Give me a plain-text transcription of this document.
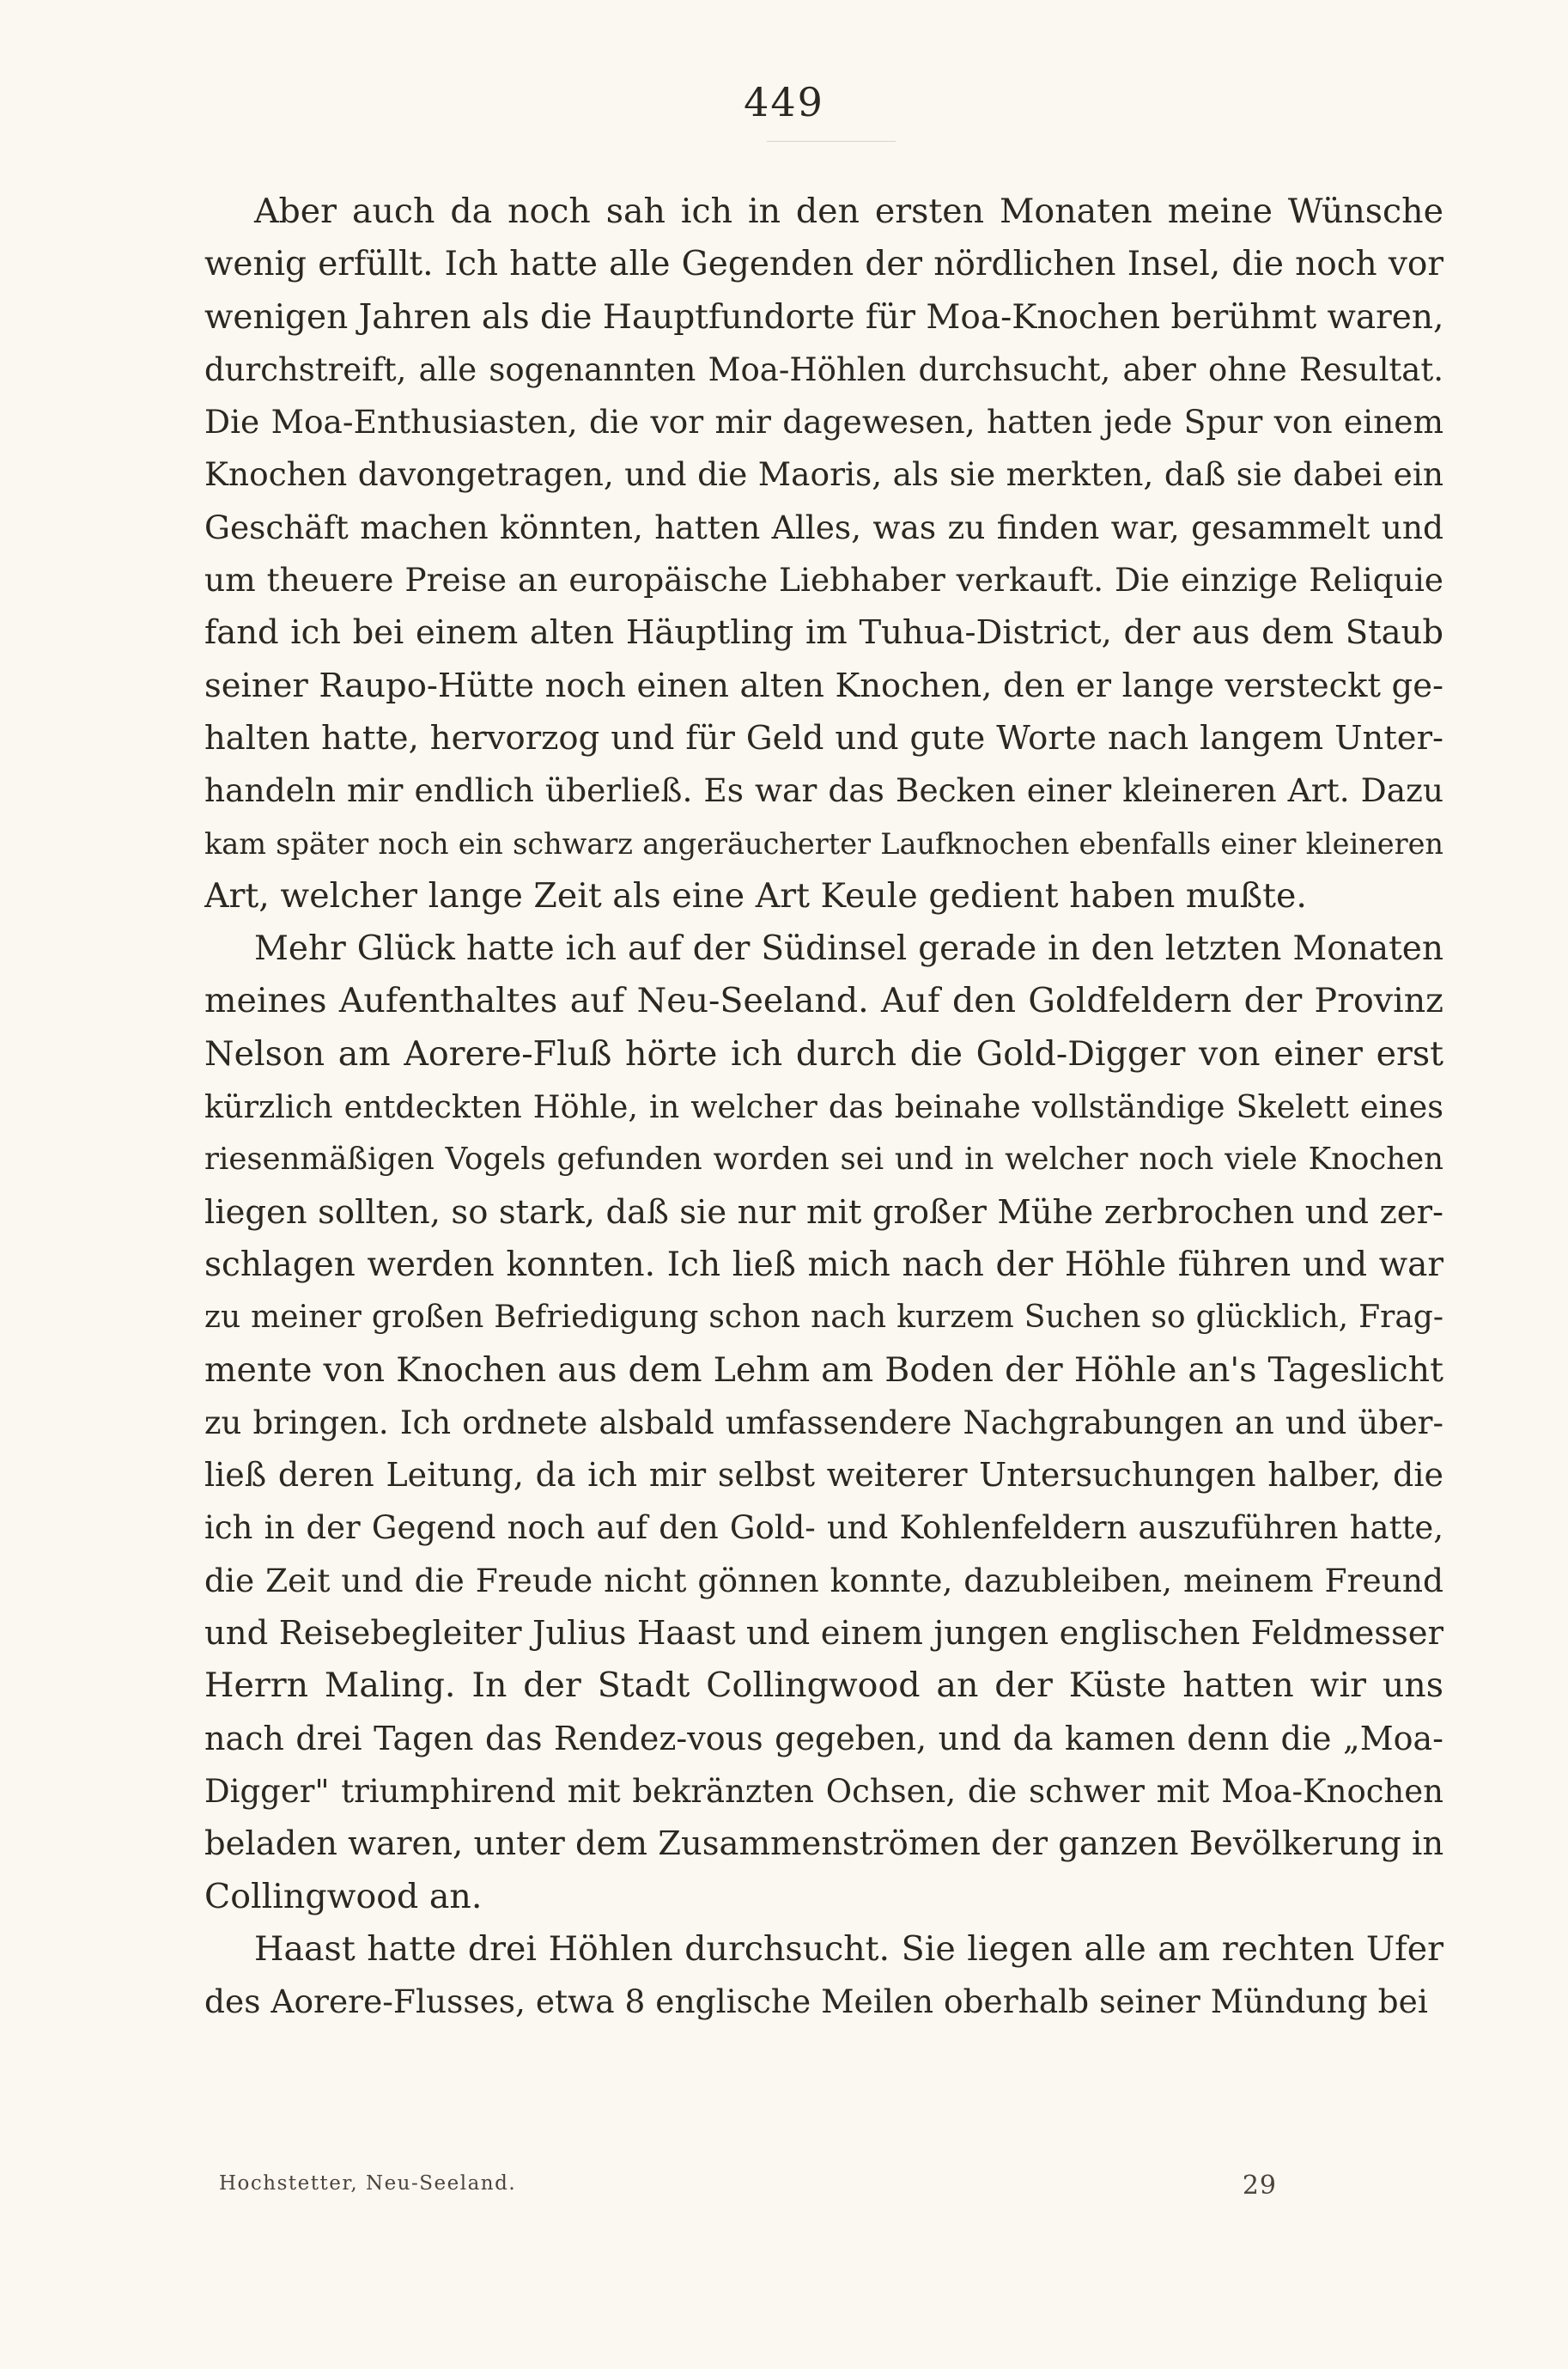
449
Aber auch da noch sah ich in den ersten Monaten meine Wünsche
wenig erfüllt. Ich hatte alle Gegenden der nördlichen Insel, die noch vor
wenigen Jahren als die Hauptfundorte für Moa-Knochen berühmt waren,
durchstreift, alle sogenannten Moa-Höhlen durchsucht, aber ohne Resultat.
Die Moa-Enthusiasten, die vor mir dagewesen, hatten jede Spur von einem
Knochen davongetragen, und die Maoris, als sie merkten, daß sie dabei ein
Geschäft machen könnten, hatten Alles, was zu finden war, gesammelt und
um theuere Preise an europäische Liebhaber verkauft. Die einzige Reliquie
fand ich bei einem alten Häuptling im Tuhua-District, der aus dem Staub
seiner Raupo-Hütte noch einen alten Knochen, den er lange versteckt ge-
halten hatte, hervorzog und für Geld und gute Worte nach langem Unter-
handeln mir endlich überließ. Es war das Becken einer kleineren Art. Dazu
kam später noch ein schwarz angeräucherter Laufknochen ebenfalls einer kleineren
Art, welcher lange Zeit als eine Art Keule gedient haben mußte.
Mehr Glück hatte ich auf der Südinsel gerade in den letzten Monaten
meines Aufenthaltes auf Neu-Seeland. Auf den Goldfeldern der Provinz
Nelson am Aorere-Fluß hörte ich durch die Gold-Digger von einer erst
kürzlich entdeckten Höhle, in welcher das beinahe vollständige Skelett eines
riesenmäßigen Vogels gefunden worden sei und in welcher noch viele Knochen
liegen sollten, so stark, daß sie nur mit großer Mühe zerbrochen und zer-
schlagen werden konnten. Ich ließ mich nach der Höhle führen und war
zu meiner großen Befriedigung schon nach kurzem Suchen so glücklich, Frag-
mente von Knochen aus dem Lehm am Boden der Höhle an's Tageslicht
zu bringen. Ich ordnete alsbald umfassendere Nachgrabungen an und über-
ließ deren Leitung, da ich mir selbst weiterer Untersuchungen halber, die
ich in der Gegend noch auf den Gold- und Kohlenfeldern auszuführen hatte,
die Zeit und die Freude nicht gönnen konnte, dazubleiben, meinem Freund
und Reisebegleiter Julius Haast und einem jungen englischen Feldmesser
Herrn Maling. In der Stadt Collingwood an der Küste hatten wir uns
nach drei Tagen das Rendez-vous gegeben, und da kamen denn die „Moa-
Digger" triumphirend mit bekränzten Ochsen, die schwer mit Moa-Knochen
beladen waren, unter dem Zusammenströmen der ganzen Bevölkerung in
Collingwood an.
Haast hatte drei Höhlen durchsucht. Sie liegen alle am rechten Ufer
des Aorere-Flusses, etwa 8 englische Meilen oberhalb seiner Mündung bei
Hochstetter, Neu-Seeland.	29
